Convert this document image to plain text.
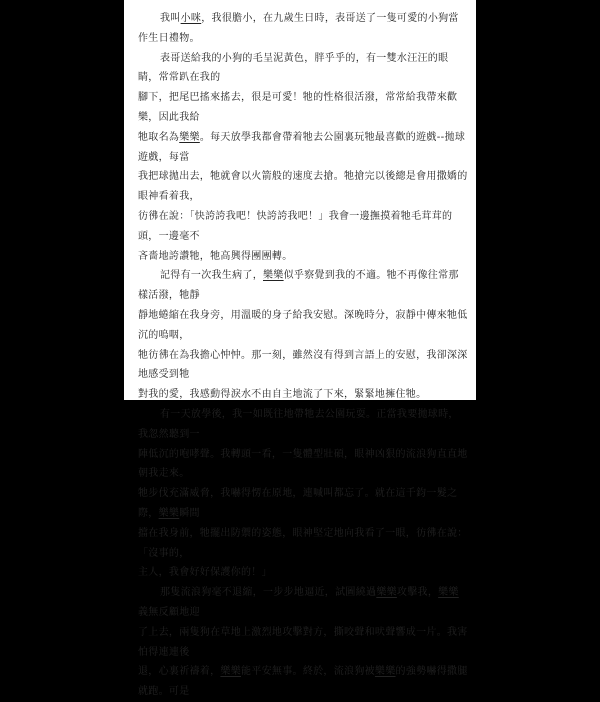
我叫小咪，我很膽小，在九歲生日時，表哥送了一隻可愛的小狗當作生日禮物。
表哥送給我的小狗的毛呈泥黃色，胖乎乎的，有一雙水汪汪的眼睛，常常趴在我的
腳下，把尾巴搖來搖去，很是可愛！牠的性格很活潑，常常給我帶來歡樂，因此我給
牠取名為樂樂。每天放學我都會帶着牠去公園裏玩牠最喜歡的遊戲--拋球遊戲，每當
我把球拋出去，牠就會以火箭般的速度去搶。牠搶完以後總是會用撒嬌的眼神看着我，
彷彿在說：「快誇誇我吧！快誇誇我吧！」我會一邊撫摸着牠毛茸茸的頭，一邊毫不
吝嗇地誇讚牠，牠高興得團團轉。
記得有一次我生病了，樂樂似乎察覺到我的不適。牠不再像往常那樣活潑，牠靜
靜地蜷縮在我身旁，用溫暖的身子給我安慰。深晚時分，寂靜中傳來牠低沉的嗚咽，
牠彷彿在為我擔心忡忡。那一刻，雖然沒有得到言語上的安慰，我卻深深地感受到牠
對我的愛，我感動得淚水不由自主地流了下來，緊緊地擁住牠。
有一天放學後，我一如既往地帶牠去公園玩耍。正當我要拋球時，我忽然聽到一
陣低沉的咆哮聲。我轉頭一看，一隻體型壯碩，眼神凶狠的流浪狗直直地朝我走來。
牠步伐充滿威脅，我嚇得愣在原地，連喊叫都忘了。就在這千鈞一髮之際，樂樂瞬間
擋在我身前，牠擺出防禦的姿態，眼神堅定地向我看了一眼，彷彿在說：「沒事的，
主人，我會好好保護你的！」
那隻流浪狗毫不退縮，一步步地逼近，試圖繞過樂樂攻擊我，樂樂義無反顧地迎
了上去，兩隻狗在草地上激烈地攻擊對方，撕咬聲和吠聲響成一片。我害怕得連連後
退，心裏祈禱着，樂樂能平安無事。終於，流浪狗被樂樂的強勢嚇得撒腿就跑。可是
